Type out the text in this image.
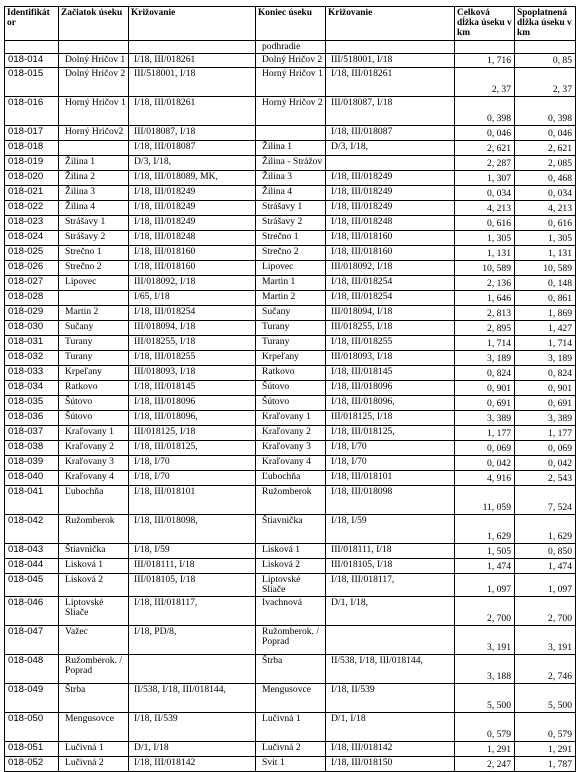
Identifikát or	Začiatok úseku	Križovanie	Koniec úseku	Križovanie	Celková dĺžka úseku v km	Spoplatnená dĺžka úseku v km
			podhradie			
018-014	Dolný Hričov 1	I/18, III/018261	Dolný Hričov 2	III/518001, I/18	1, 716	0, 85
018-015	Dolný Hričov 2	III/518001, I/18	Horný Hričov 1	I/18, III/018261	2, 37	2, 37
018-016	Horný Hričov 1	I/18, III/018261	Horný Hričov 2	III/018087, I/18	0, 398	0, 398
018-017	Horný Hričov2	III/018087, I/18		I/18, III/018087	0, 046	0, 046
018-018		I/18, III/018087	Žilina 1	D/3, I/18,	2, 621	2, 621
018-019	Žilina 1	D/3, I/18,	Žilina - Strážov		2, 287	2, 085
018-020	Žilina 2	I/18, III/018089, MK,	Žilina 3	I/18, III/018249	1, 307	0, 468
018-021	Žilina 3	I/18, III/018249	Žilina 4	I/18, III/018249	0, 034	0, 034
018-022	Žilina 4	I/18, III/018249	Strášavy 1	I/18, III/018249	4, 213	4, 213
018-023	Strášavy 1	I/18, III/018249	Strášavy 2	I/18, III/018248	0, 616	0, 616
018-024	Strášavy 2	I/18, III/018248	Strečno 1	I/18, III/018160	1, 305	1, 305
018-025	Strečno 1	I/18, III/018160	Strečno 2	I/18, III/018160	1, 131	1, 131
018-026	Strečno 2	I/18, III/018160	Lipovec	III/018092, I/18	10, 589	10, 589
018-027	Lipovec	III/018092, I/18	Martin 1	I/18, III/018254	2, 136	0, 148
018-028		I/65, I/18	Martin 2	I/18, III/018254	1, 646	0, 861
018-029	Martin 2	I/18, III/018254	Sučany	III/018094, I/18	2, 813	1, 869
018-030	Sučany	III/018094, I/18	Turany	III/018255, I/18	2, 895	1, 427
018-031	Turany	III/018255, I/18	Turany	I/18, III/018255	1, 714	1, 714
018-032	Turany	I/18, III/018255	Krpeľany	III/018093, I/18	3, 189	3, 189
018-033	Krpeľany	III/018093, I/18	Ratkovo	I/18, III/018145	0, 824	0, 824
018-034	Ratkovo	I/18, III/018145	Šútovo	I/18, III/018096	0, 901	0, 901
018-035	Šútovo	I/18, III/018096	Šútovo	I/18, III/018096,	0, 691	0, 691
018-036	Šútovo	I/18, III/018096,	Kraľovany 1	III/018125, I/18	3, 389	3, 389
018-037	Kraľovany 1	III/018125, I/18	Kraľovany 2	I/18, III/018125,	1, 177	1, 177
018-038	Kraľovany 2	I/18, III/018125,	Kraľovany 3	I/18, I/70	0, 069	0, 069
018-039	Kraľovany 3	I/18, I/70	Kraľovany 4	I/18, I/70	0, 042	0, 042
018-040	Kraľovany 4	I/18, I/70	Ľubochňa	I/18, III/018101	4, 916	2, 543
018-041	Ľubochňa	I/18, III/018101	Ružomberok	I/18, III/018098	11, 059	7, 524
018-042	Ružomberok	I/18, III/018098,	Štiavnička	I/18, I/59	1, 629	1, 629
018-043	Štiavnička	I/18, I/59	Lisková 1	III/018111, I/18	1, 505	0, 850
018-044	Lisková 1	III/018111, I/18	Lisková 2	III/018105, I/18	1, 474	1, 474
018-045	Lisková 2	III/018105, I/18	Liptovské Sliače	I/18, III/018117,	1, 097	1, 097
018-046	Liptovské Sliače	I/18, III/018117,	Ivachnová	D/1, I/18,	2, 700	2, 700
018-047	Važec	I/18, PD/8,	Ružomberok. / Poprad		3, 191	3, 191
018-048	Ružomberok. / Poprad		Štrba	II/538, I/18, III/018144,	3, 188	2, 746
018-049	Štrba	II/538, I/18, III/018144,	Mengusovce	I/18, II/539	5, 500	5, 500
018-050	Mengusovce	I/18, II/539	Lučivná 1	D/1, I/18	0, 579	0, 579
018-051	Lučivná 1	D/1, I/18	Lučivná 2	I/18, III/018142	1, 291	1, 291
018-052	Lučivná 2	I/18, III/018142	Svit 1	I/18, III/018150	2, 247	1, 787
